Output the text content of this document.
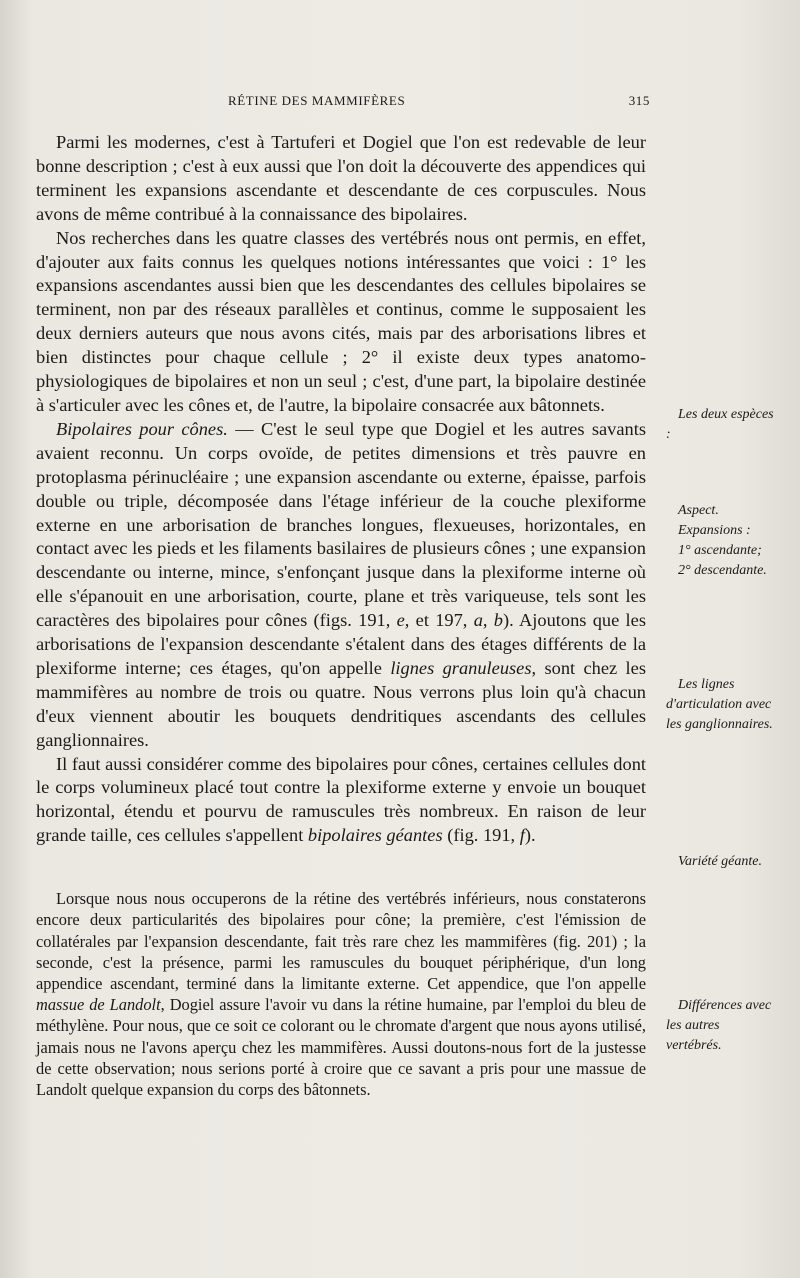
RÉTINE DES MAMMIFÈRES	315

Parmi les modernes, c'est à Tartuferi et Dogiel que l'on est redevable de leur bonne description ; c'est à eux aussi que l'on doit la découverte des appendices qui terminent les expansions ascendante et descendante de ces corpuscules. Nous avons de même contribué à la connaissance des bipolaires.

Nos recherches dans les quatre classes des vertébrés nous ont permis, en effet, d'ajouter aux faits connus les quelques notions intéressantes que voici : 1° les expansions ascendantes aussi bien que les descendantes des cellules bipolaires se terminent, non par des réseaux parallèles et continus, comme le supposaient les deux derniers auteurs que nous avons cités, mais par des arborisations libres et bien distinctes pour chaque cellule ; 2° il existe deux types anatomo-physiologiques de bipolaires et non un seul ; c'est, d'une part, la bipolaire destinée à s'articuler avec les cônes et, de l'autre, la bipolaire consacrée aux bâtonnets.

Bipolaires pour cônes. — C'est le seul type que Dogiel et les autres savants avaient reconnu. Un corps ovoïde, de petites dimensions et très pauvre en protoplasma périnucléaire ; une expansion ascendante ou externe, épaisse, parfois double ou triple, décomposée dans l'étage inférieur de la couche plexiforme externe en une arborisation de branches longues, flexueuses, horizontales, en contact avec les pieds et les filaments basilaires de plusieurs cônes ; une expansion descendante ou interne, mince, s'enfonçant jusque dans la plexiforme interne où elle s'épanouit en une arborisation, courte, plane et très variqueuse, tels sont les caractères des bipolaires pour cônes (figs. 191, e, et 197, a, b). Ajoutons que les arborisations de l'expansion descendante s'étalent dans des étages différents de la plexiforme interne; ces étages, qu'on appelle lignes granuleuses, sont chez les mammifères au nombre de trois ou quatre. Nous verrons plus loin qu'à chacun d'eux viennent aboutir les bouquets dendritiques ascendants des cellules ganglionnaires.

Il faut aussi considérer comme des bipolaires pour cônes, certaines cellules dont le corps volumineux placé tout contre la plexiforme externe y envoie un bouquet horizontal, étendu et pourvu de ramuscules très nombreux. En raison de leur grande taille, ces cellules s'appellent bipolaires géantes (fig. 191, f).

Lorsque nous nous occuperons de la rétine des vertébrés inférieurs, nous constaterons encore deux particularités des bipolaires pour cône; la première, c'est l'émission de collatérales par l'expansion descendante, fait très rare chez les mammifères (fig. 201) ; la seconde, c'est la présence, parmi les ramuscules du bouquet périphérique, d'un long appendice ascendant, terminé dans la limitante externe. Cet appendice, que l'on appelle massue de Landolt, Dogiel assure l'avoir vu dans la rétine humaine, par l'emploi du bleu de méthylène. Pour nous, que ce soit ce colorant ou le chromate d'argent que nous ayons utilisé, jamais nous ne l'avons aperçu chez les mammifères. Aussi doutons-nous fort de la justesse de cette observation; nous serions porté à croire que ce savant a pris pour une massue de Landolt quelque expansion du corps des bâtonnets.

Les deux espèces :

Aspect.

Expansions :

1° ascendante;

2° descendante.

Les lignes d'articulation avec les ganglionnaires.

Variété géante.

Différences avec les autres vertébrés.
